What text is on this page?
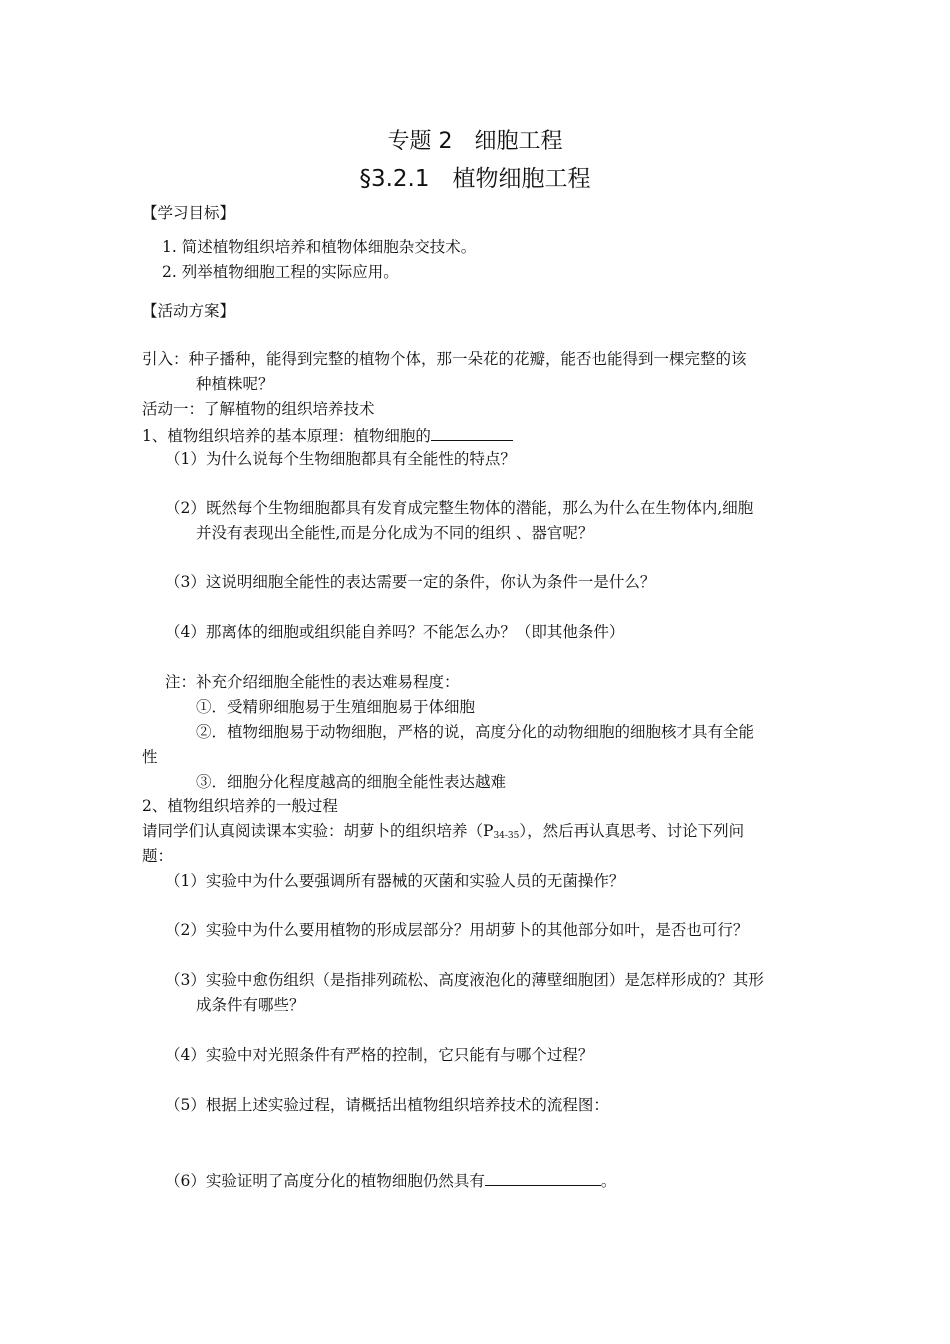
专题 2　细胞工程
§3.2.1　植物细胞工程
【学习目标】
1. 简述植物组织培养和植物体细胞杂交技术。
2. 列举植物细胞工程的实际应用。
【活动方案】
引入：种子播种，能得到完整的植物个体，那一朵花的花瓣，能否也能得到一棵完整的该
种植株呢？
活动一：了解植物的组织培养技术
1、植物组织培养的基本原理：植物细胞的
（1）为什么说每个生物细胞都具有全能性的特点？
（2）既然每个生物细胞都具有发育成完整生物体的潜能，那么为什么在生物体内,细胞
并没有表现出全能性,而是分化成为不同的组织 、器官呢？
（3）这说明细胞全能性的表达需要一定的条件，你认为条件一是什么？
（4）那离体的细胞或组织能自养吗？不能怎么办？（即其他条件）
注：补充介绍细胞全能性的表达难易程度：
①．受精卵细胞易于生殖细胞易于体细胞
②．植物细胞易于动物细胞，严格的说，高度分化的动物细胞的细胞核才具有全能
性
③．细胞分化程度越高的细胞全能性表达越难
2、植物组织培养的一般过程
请同学们认真阅读课本实验：胡萝卜的组织培养$(P_{34-35})$，然后再认真思考、讨论下列问
题：
（1）实验中为什么要强调所有器械的灭菌和实验人员的无菌操作？
（2）实验中为什么要用植物的形成层部分？用胡萝卜的其他部分如叶，是否也可行？
（3）实验中愈伤组织（是指排列疏松、高度液泡化的薄壁细胞团）是怎样形成的？其形
成条件有哪些？
（4）实验中对光照条件有严格的控制，它只能有与哪个过程？
（5）根据上述实验过程，请概括出植物组织培养技术的流程图：
（6）实验证明了高度分化的植物细胞仍然具有	。
